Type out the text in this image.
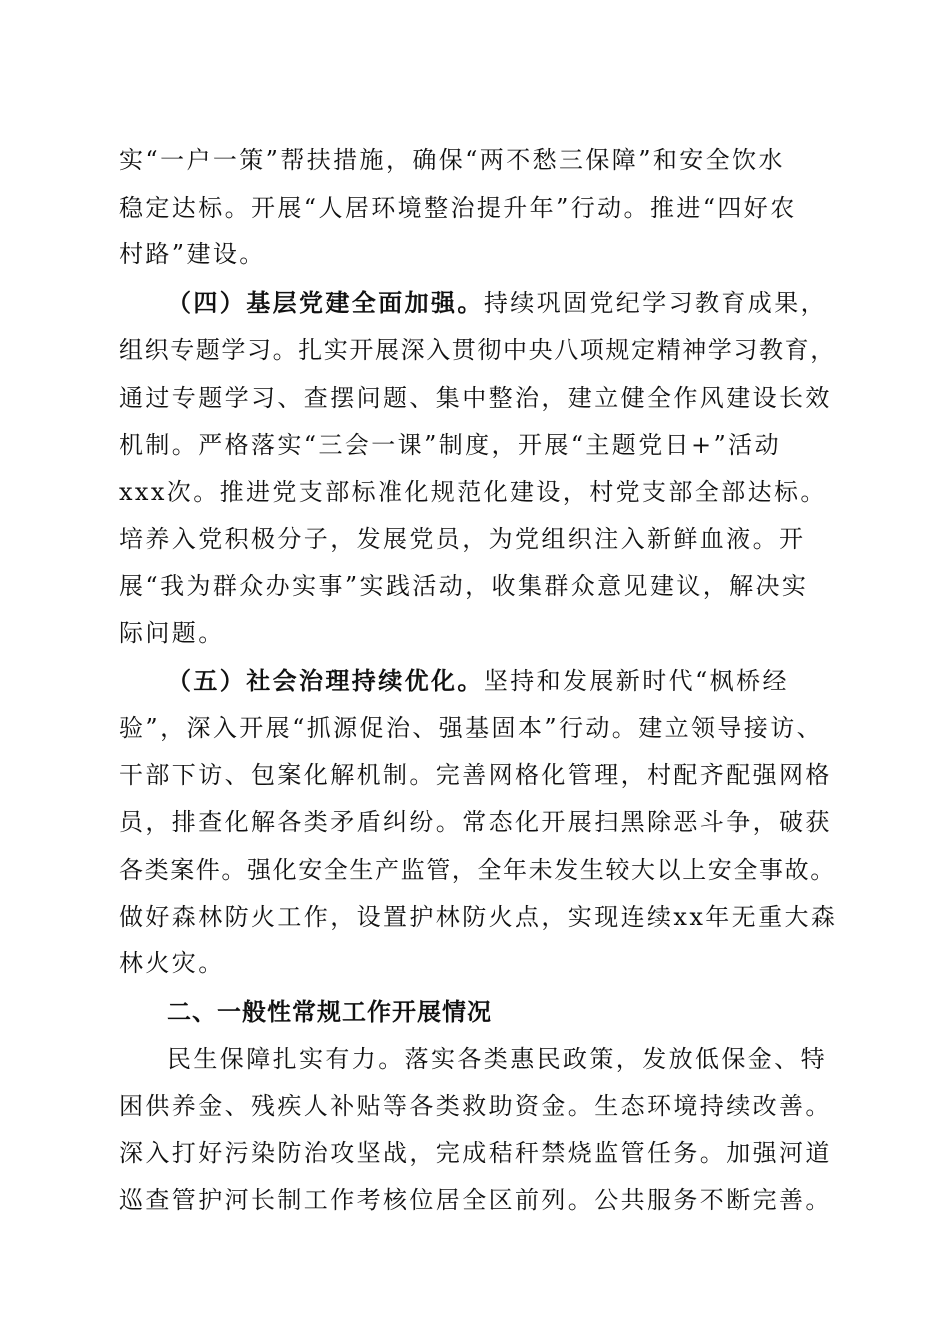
实“一户一策”帮扶措施，确保“两不愁三保障”和安全饮水

稳定达标。开展“人居环境整治提升年”行动。推进“四好农

村路”建设。

（四）基层党建全面加强。持续巩固党纪学习教育成果，

组织专题学习。扎实开展深入贯彻中央八项规定精神学习教育，

通过专题学习、查摆问题、集中整治，建立健全作风建设长效

机制。严格落实“三会一课”制度，开展“主题党日+”活动

xxx次。推进党支部标准化规范化建设，村党支部全部达标。

培养入党积极分子，发展党员，为党组织注入新鲜血液。开

展“我为群众办实事”实践活动，收集群众意见建议，解决实

际问题。

（五）社会治理持续优化。坚持和发展新时代“枫桥经

验”，深入开展“抓源促治、强基固本”行动。建立领导接访、

干部下访、包案化解机制。完善网格化管理，村配齐配强网格

员，排查化解各类矛盾纠纷。常态化开展扫黑除恶斗争，破获

各类案件。强化安全生产监管，全年未发生较大以上安全事故。

做好森林防火工作，设置护林防火点，实现连续xx年无重大森

林火灾。

二、一般性常规工作开展情况

民生保障扎实有力。落实各类惠民政策，发放低保金、特

困供养金、残疾人补贴等各类救助资金。生态环境持续改善。

深入打好污染防治攻坚战，完成秸秆禁烧监管任务。加强河道

巡查管护河长制工作考核位居全区前列。公共服务不断完善。
